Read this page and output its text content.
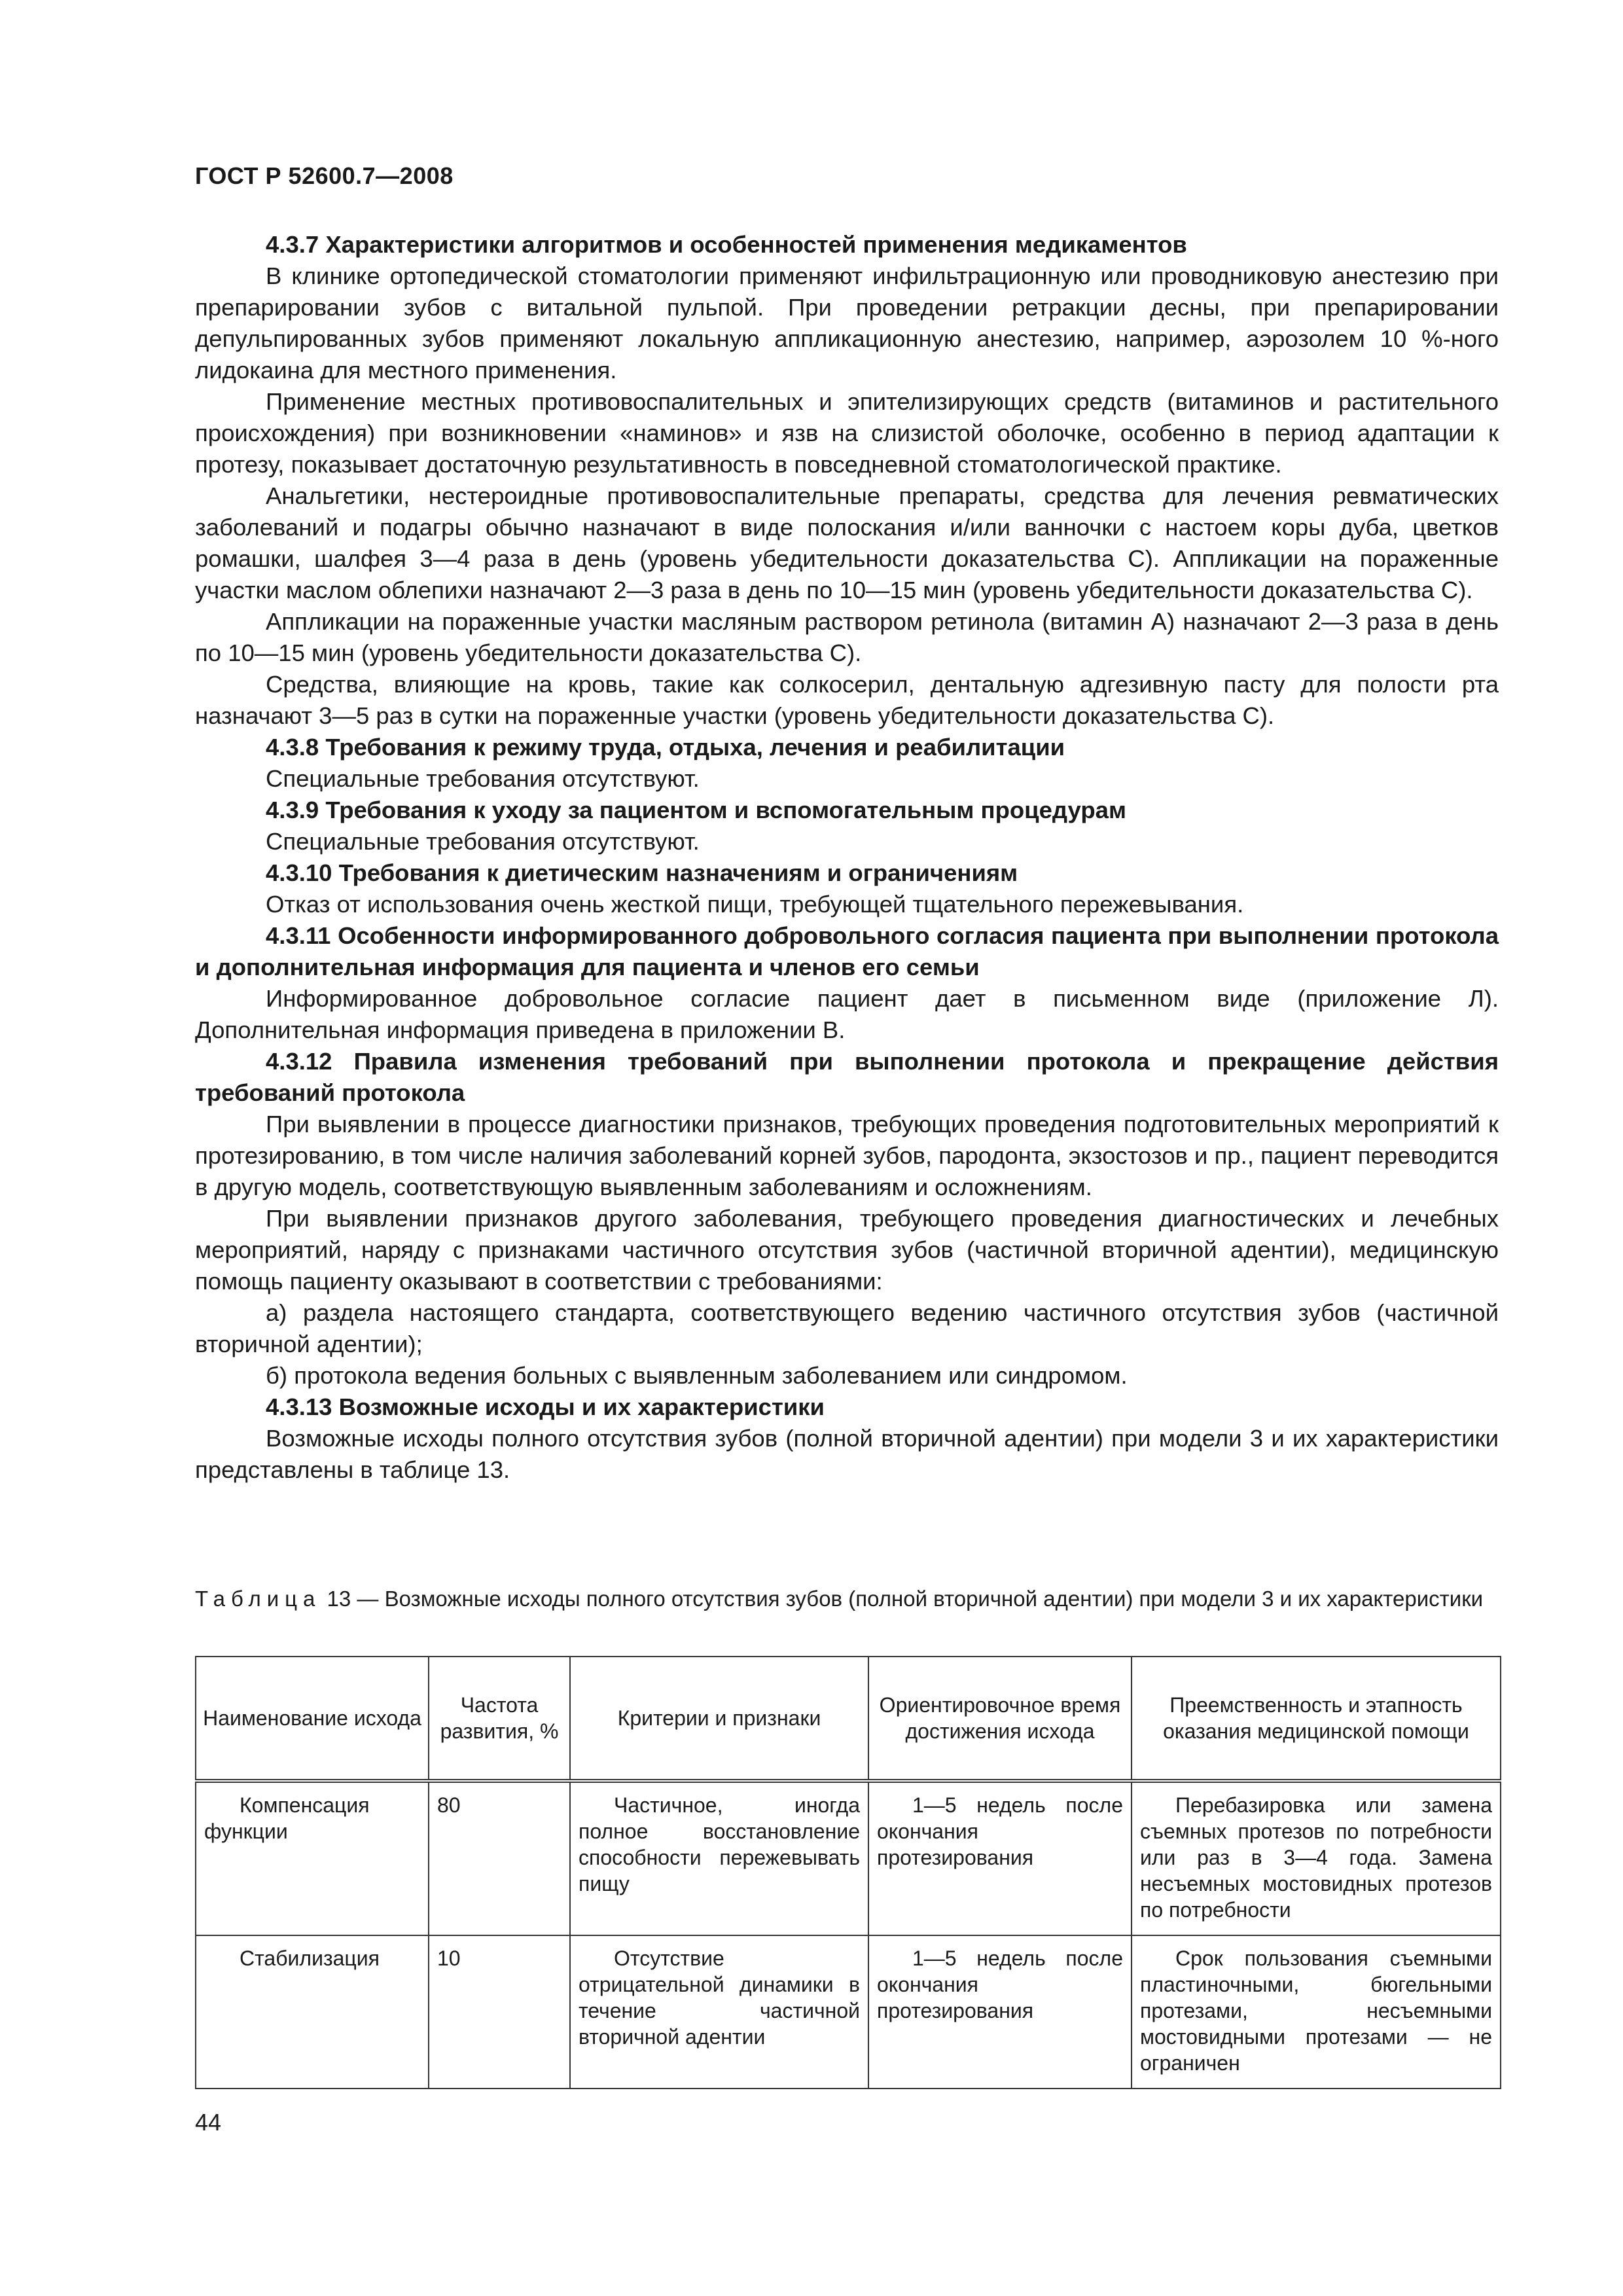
ГОСТ Р 52600.7—2008

4.3.7 Характеристики алгоритмов и особенностей применения медикаментов

В клинике ортопедической стоматологии применяют инфильтрационную или проводниковую анестезию при препарировании зубов с витальной пульпой. При проведении ретракции десны, при препарировании депульпированных зубов применяют локальную аппликационную анестезию, например, аэрозолем 10 %-ного лидокаина для местного применения.

Применение местных противовоспалительных и эпителизирующих средств (витаминов и растительного происхождения) при возникновении «наминов» и язв на слизистой оболочке, особенно в период адаптации к протезу, показывает достаточную результативность в повседневной стоматологической практике.

Анальгетики, нестероидные противовоспалительные препараты, средства для лечения ревматических заболеваний и подагры обычно назначают в виде полоскания и/или ванночки с настоем коры дуба, цветков ромашки, шалфея 3—4 раза в день (уровень убедительности доказательства С). Аппликации на пораженные участки маслом облепихи назначают 2—3 раза в день по 10—15 мин (уровень убедительности доказательства С).

Аппликации на пораженные участки масляным раствором ретинола (витамин А) назначают 2—3 раза в день по 10—15 мин (уровень убедительности доказательства С).

Средства, влияющие на кровь, такие как солкосерил, дентальную адгезивную пасту для полости рта назначают 3—5 раз в сутки на пораженные участки (уровень убедительности доказательства С).

4.3.8 Требования к режиму труда, отдыха, лечения и реабилитации

Специальные требования отсутствуют.

4.3.9 Требования к уходу за пациентом и вспомогательным процедурам

Специальные требования отсутствуют.

4.3.10 Требования к диетическим назначениям и ограничениям

Отказ от использования очень жесткой пищи, требующей тщательного пережевывания.

4.3.11 Особенности информированного добровольного согласия пациента при выполнении протокола и дополнительная информация для пациента и членов его семьи

Информированное добровольное согласие пациент дает в письменном виде (приложение Л). Дополнительная информация приведена в приложении В.

4.3.12 Правила изменения требований при выполнении протокола и прекращение действия требований протокола

При выявлении в процессе диагностики признаков, требующих проведения подготовительных мероприятий к протезированию, в том числе наличия заболеваний корней зубов, пародонта, экзостозов и пр., пациент переводится в другую модель, соответствующую выявленным заболеваниям и осложнениям.

При выявлении признаков другого заболевания, требующего проведения диагностических и лечебных мероприятий, наряду с признаками частичного отсутствия зубов (частичной вторичной адентии), медицинскую помощь пациенту оказывают в соответствии с требованиями:

а) раздела настоящего стандарта, соответствующего ведению частичного отсутствия зубов (частичной вторичной адентии);

б) протокола ведения больных с выявленным заболеванием или синдромом.

4.3.13 Возможные исходы и их характеристики

Возможные исходы полного отсутствия зубов (полной вторичной адентии) при модели 3 и их характеристики представлены в таблице 13.

Таблица 13 — Возможные исходы полного отсутствия зубов (полной вторичной адентии) при модели 3 и их характеристики
Наименование исхода	Частота развития, %	Критерии и признаки	Ориентировочное время достижения исхода	Преемственность и этапность оказания медицинской помощи
Компенсация функции	80	Частичное, иногда полное восстановление способности пережевывать пищу	1—5 недель после окончания протезирования	Перебазировка или замена съемных протезов по потребности или раз в 3—4 года. Замена несъемных мостовидных протезов по потребности
Стабилизация	10	Отсутствие отрицательной динамики в течение частичной вторичной адентии	1—5 недель после окончания протезирования	Срок пользования съемными пластиночными, бюгельными протезами, несъемными мостовидными протезами — не ограничен
44
